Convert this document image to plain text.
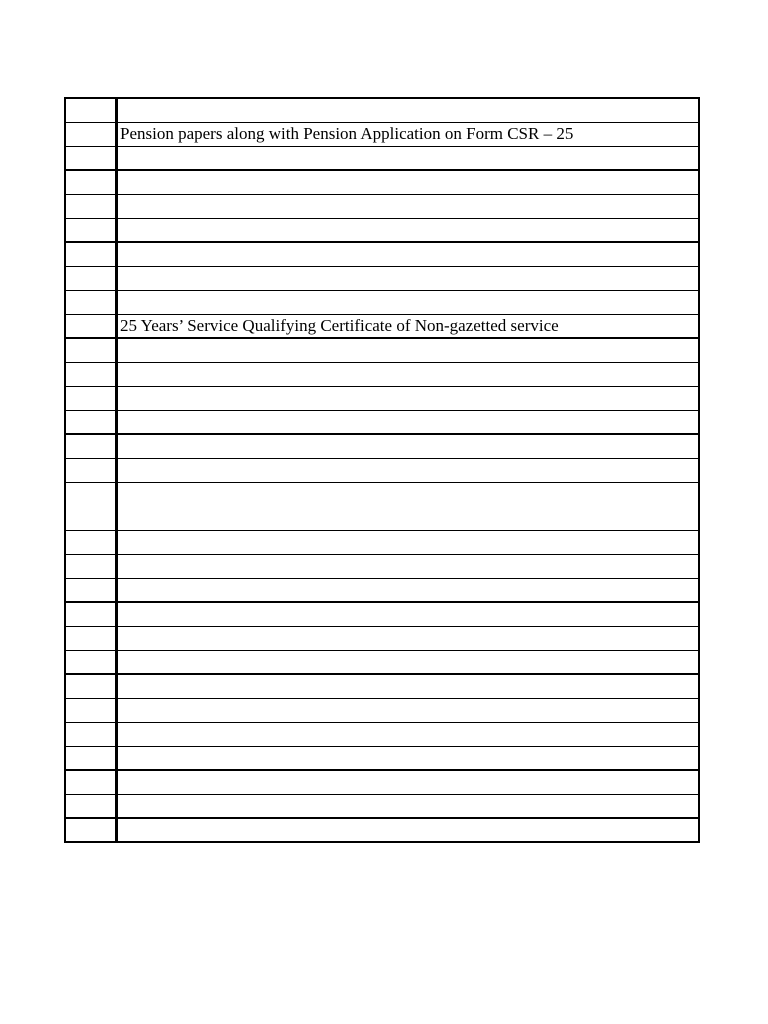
Pension papers along with Pension Application on Form CSR – 25
25 Years’ Service Qualifying Certificate of Non-gazetted service
